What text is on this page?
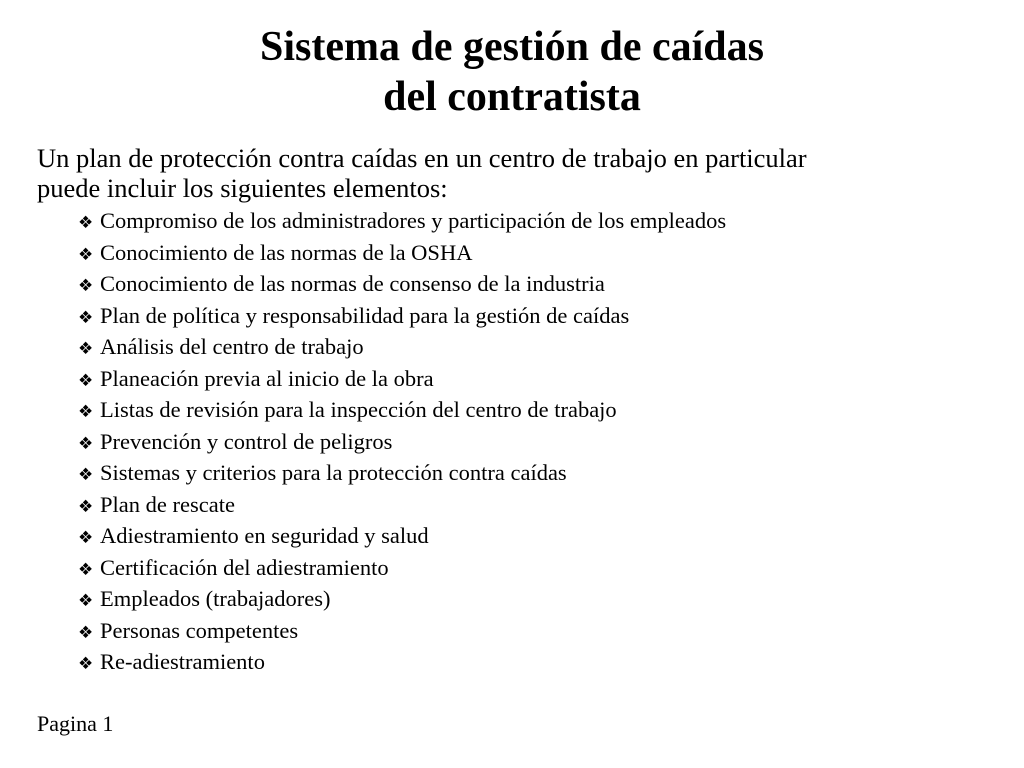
Sistema de gestión de caídas
del contratista

Un plan de protección contra caídas en un centro de trabajo en particular
puede incluir los siguientes elementos:

❖ Compromiso de los administradores y participación de los empleados
❖ Conocimiento de las normas de la OSHA
❖ Conocimiento de las normas de consenso de la industria
❖ Plan de política y responsabilidad para la gestión de caídas
❖ Análisis del centro de trabajo
❖ Planeación previa al inicio de la obra
❖ Listas de revisión para la inspección del centro de trabajo
❖ Prevención y control de peligros
❖ Sistemas y criterios para la protección contra caídas
❖ Plan de rescate
❖ Adiestramiento en seguridad y salud
❖ Certificación del adiestramiento
❖ Empleados (trabajadores)
❖ Personas competentes
❖ Re-adiestramiento
Pagina 1
